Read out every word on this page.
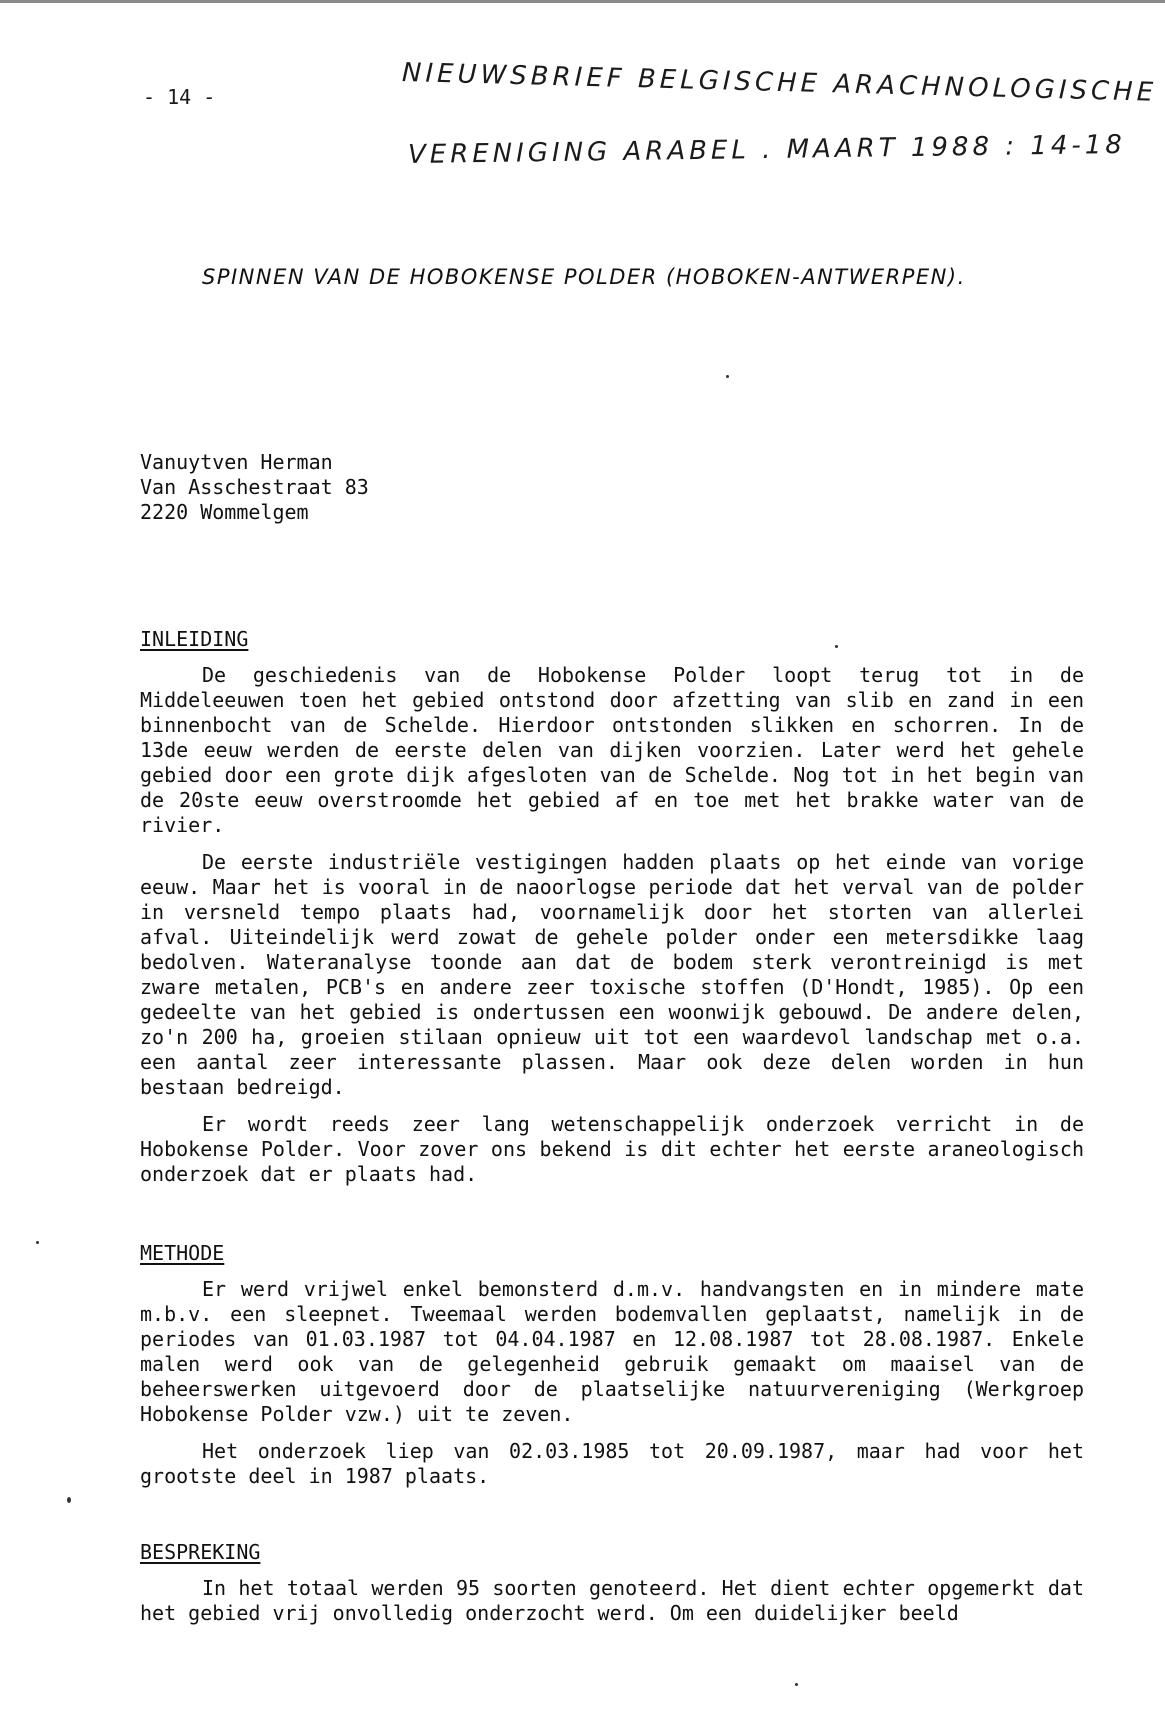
- 14 -	NIEUWSBRIEF BELGISCHE ARACHNOLOGISCHE
VERENIGING ARABEL . MAART 1988 : 14-18
SPINNEN VAN DE HOBOKENSE POLDER (HOBOKEN-ANTWERPEN).
Vanuytven Herman
Van Asschestraat 83
2220 Wommelgem
INLEIDING

De geschiedenis van de Hobokense Polder loopt terug tot in de Middeleeuwen toen het gebied ontstond door afzetting van slib en zand in een binnenbocht van de Schelde. Hierdoor ontstonden slikken en schorren. In de 13de eeuw werden de eerste delen van dijken voorzien. Later werd het gehele gebied door een grote dijk afgesloten van de Schelde. Nog tot in het begin van de 20ste eeuw overstroomde het gebied af en toe met het brakke water van de rivier.

De eerste industriële vestigingen hadden plaats op het einde van vorige eeuw. Maar het is vooral in de naoorlogse periode dat het verval van de polder in versneld tempo plaats had, voornamelijk door het storten van allerlei afval. Uiteindelijk werd zowat de gehele polder onder een metersdikke laag bedolven. Wateranalyse toonde aan dat de bodem sterk verontreinigd is met zware metalen, PCB's en andere zeer toxische stoffen (D'Hondt, 1985). Op een gedeelte van het gebied is ondertussen een woonwijk gebouwd. De andere delen, zo'n 200 ha, groeien stilaan opnieuw uit tot een waardevol landschap met o.a. een aantal zeer interessante plassen. Maar ook deze delen worden in hun bestaan bedreigd.

Er wordt reeds zeer lang wetenschappelijk onderzoek verricht in de Hobokense Polder. Voor zover ons bekend is dit echter het eerste araneologisch onderzoek dat er plaats had.

METHODE

Er werd vrijwel enkel bemonsterd d.m.v. handvangsten en in mindere mate m.b.v. een sleepnet. Tweemaal werden bodemvallen geplaatst, namelijk in de periodes van 01.03.1987 tot 04.04.1987 en 12.08.1987 tot 28.08.1987. Enkele malen werd ook van de gelegenheid gebruik gemaakt om maaisel van de beheerswerken uitgevoerd door de plaatselijke natuurvereniging (Werkgroep Hobokense Polder vzw.) uit te zeven.

Het onderzoek liep van 02.03.1985 tot 20.09.1987, maar had voor het grootste deel in 1987 plaats.

BESPREKING

In het totaal werden 95 soorten genoteerd. Het dient echter opgemerkt dat het gebied vrij onvolledig onderzocht werd. Om een duidelijker beeld
